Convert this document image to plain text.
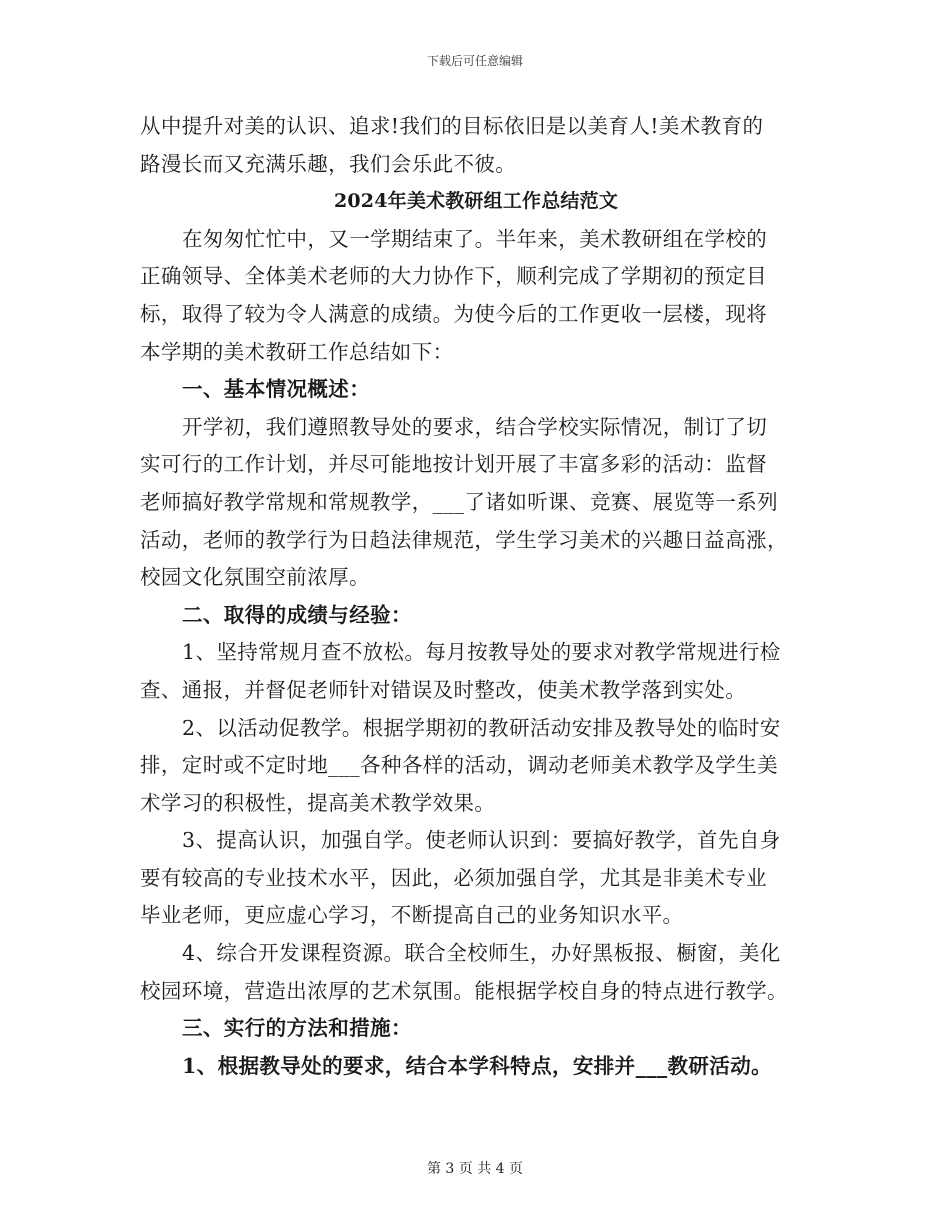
下载后可任意编辑
从中提升对美的认识、追求!我们的目标依旧是以美育人!美术教育的
路漫长而又充满乐趣，我们会乐此不彼。
2024年美术教研组工作总结范文
在匆匆忙忙中，又一学期结束了。半年来，美术教研组在学校的
正确领导、全体美术老师的大力协作下，顺利完成了学期初的预定目
标，取得了较为令人满意的成绩。为使今后的工作更收一层楼，现将
本学期的美术教研工作总结如下：
一、基本情况概述：
开学初，我们遵照教导处的要求，结合学校实际情况，制订了切
实可行的工作计划，并尽可能地按计划开展了丰富多彩的活动：监督
老师搞好教学常规和常规教学，___了诸如听课、竞赛、展览等一系列
活动，老师的教学行为日趋法律规范，学生学习美术的兴趣日益高涨，
校园文化氛围空前浓厚。
二、取得的成绩与经验：
1、坚持常规月查不放松。每月按教导处的要求对教学常规进行检
查、通报，并督促老师针对错误及时整改，使美术教学落到实处。
2、以活动促教学。根据学期初的教研活动安排及教导处的临时安
排，定时或不定时地___各种各样的活动，调动老师美术教学及学生美
术学习的积极性，提高美术教学效果。
3、提高认识，加强自学。使老师认识到：要搞好教学，首先自身
要有较高的专业技术水平，因此，必须加强自学，尤其是非美术专业
毕业老师，更应虚心学习，不断提高自己的业务知识水平。
4、综合开发课程资源。联合全校师生，办好黑板报、橱窗，美化
校园环境，营造出浓厚的艺术氛围。能根据学校自身的特点进行教学。
三、实行的方法和措施：
1、根据教导处的要求，结合本学科特点，安排并___教研活动。
第 3 页 共 4 页
